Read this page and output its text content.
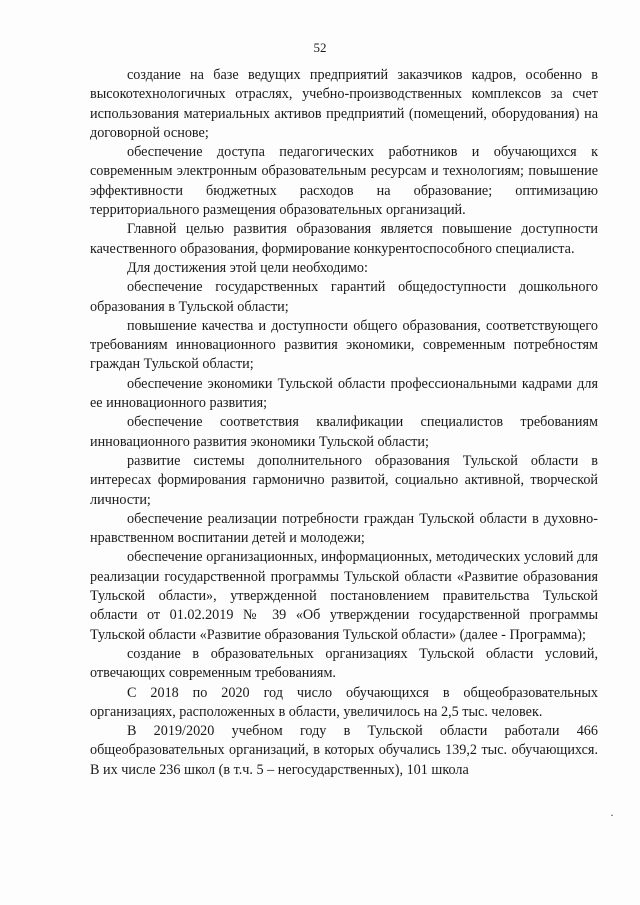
52

создание на базе ведущих предприятий заказчиков кадров, особенно в высокотехнологичных отраслях, учебно-производственных комплексов за счет использования материальных активов предприятий (помещений, оборудования) на договорной основе;

обеспечение доступа педагогических работников и обучающихся к современным электронным образовательным ресурсам и технологиям; повышение эффективности бюджетных расходов на образование; оптимизацию территориального размещения образовательных организаций.

Главной целью развития образования является повышение доступности качественного образования, формирование конкурентоспособного специалиста.

Для достижения этой цели необходимо:

обеспечение государственных гарантий общедоступности дошкольного образования в Тульской области;

повышение качества и доступности общего образования, соответствующего требованиям инновационного развития экономики, современным потребностям граждан Тульской области;

обеспечение экономики Тульской области профессиональными кадрами для ее инновационного развития;

обеспечение соответствия квалификации специалистов требованиям инновационного развития экономики Тульской области;

развитие системы дополнительного образования Тульской области в интересах формирования гармонично развитой, социально активной, творческой личности;

обеспечение реализации потребности граждан Тульской области в духовно-нравственном воспитании детей и молодежи;

обеспечение организационных, информационных, методических условий для реализации государственной программы Тульской области «Развитие образования Тульской области», утвержденной постановлением правительства Тульской области от 01.02.2019 № 39 «Об утверждении государственной программы Тульской области «Развитие образования Тульской области» (далее - Программа);

создание в образовательных организациях Тульской области условий, отвечающих современным требованиям.

С 2018 по 2020 год число обучающихся в общеобразовательных организациях, расположенных в области, увеличилось на 2,5 тыс. человек.

В 2019/2020 учебном году в Тульской области работали 466 общеобразовательных организаций, в которых обучались 139,2 тыс. обучающихся. В их числе 236 школ (в т.ч. 5 – негосударственных), 101 школа

·
